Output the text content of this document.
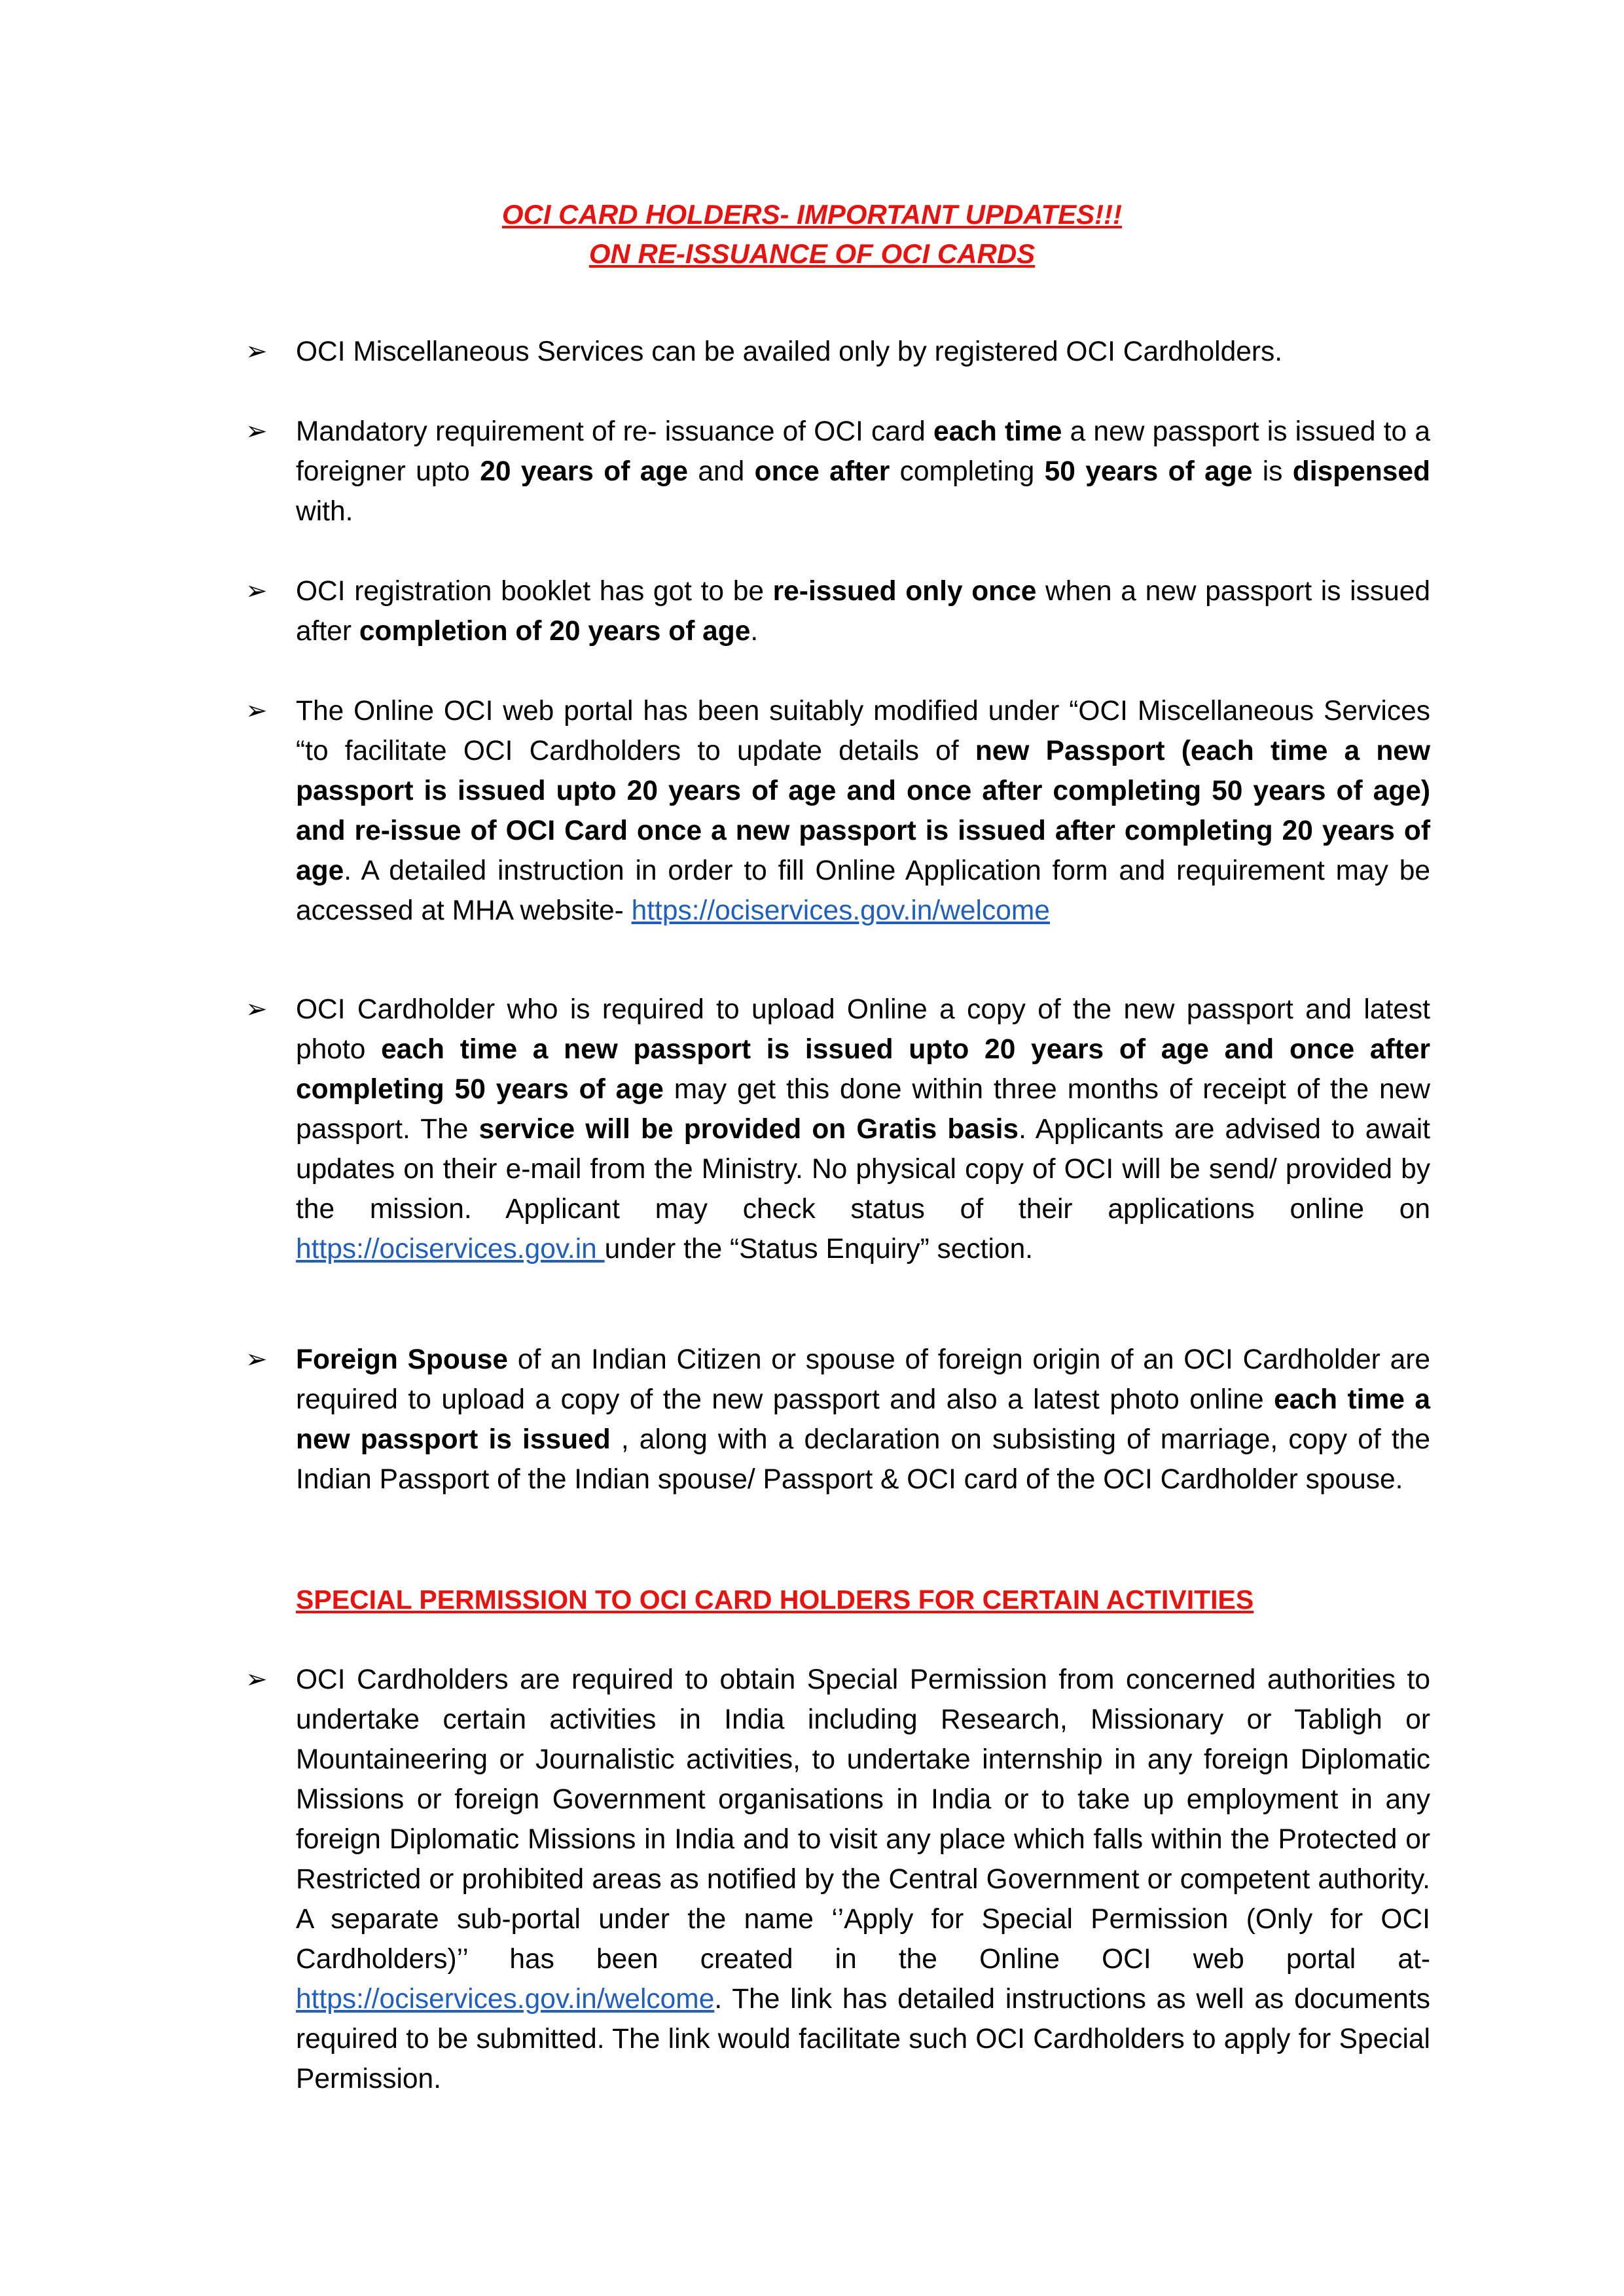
OCI CARD HOLDERS- IMPORTANT UPDATES!!!
ON RE-ISSUANCE OF OCI CARDS
➢ OCI Miscellaneous Services can be availed only by registered OCI Cardholders.
➢ Mandatory requirement of re- issuance of OCI card each time a new passport is issued to a foreigner upto 20 years of age and once after completing 50 years of age is dispensed with.
➢ OCI registration booklet has got to be re-issued only once when a new passport is issued after completion of 20 years of age.
➢ The Online OCI web portal has been suitably modified under “OCI Miscellaneous Services “to facilitate OCI Cardholders to update details of new Passport (each time a new passport is issued upto 20 years of age and once after completing 50 years of age) and re-issue of OCI Card once a new passport is issued after completing 20 years of age. A detailed instruction in order to fill Online Application form and requirement may be accessed at MHA website- https://ociservices.gov.in/welcome
➢ OCI Cardholder who is required to upload Online a copy of the new passport and latest photo each time a new passport is issued upto 20 years of age and once after completing 50 years of age may get this done within three months of receipt of the new passport. The service will be provided on Gratis basis. Applicants are advised to await updates on their e-mail from the Ministry. No physical copy of OCI will be send/ provided by the mission. Applicant may check status of their applications online on https://ociservices.gov.in under the “Status Enquiry” section.
➢ Foreign Spouse of an Indian Citizen or spouse of foreign origin of an OCI Cardholder are required to upload a copy of the new passport and also a latest photo online each time a new passport is issued , along with a declaration on subsisting of marriage, copy of the Indian Passport of the Indian spouse/ Passport & OCI card of the OCI Cardholder spouse.
SPECIAL PERMISSION TO OCI CARD HOLDERS FOR CERTAIN ACTIVITIES
➢ OCI Cardholders are required to obtain Special Permission from concerned authorities to undertake certain activities in India including Research, Missionary or Tabligh or Mountaineering or Journalistic activities, to undertake internship in any foreign Diplomatic Missions or foreign Government organisations in India or to take up employment in any foreign Diplomatic Missions in India and to visit any place which falls within the Protected or Restricted or prohibited areas as notified by the Central Government or competent authority. A separate sub-portal under the name ‘’Apply for Special Permission (Only for OCI Cardholders)’’ has been created in the Online OCI web portal at- https://ociservices.gov.in/welcome. The link has detailed instructions as well as documents required to be submitted. The link would facilitate such OCI Cardholders to apply for Special Permission.
